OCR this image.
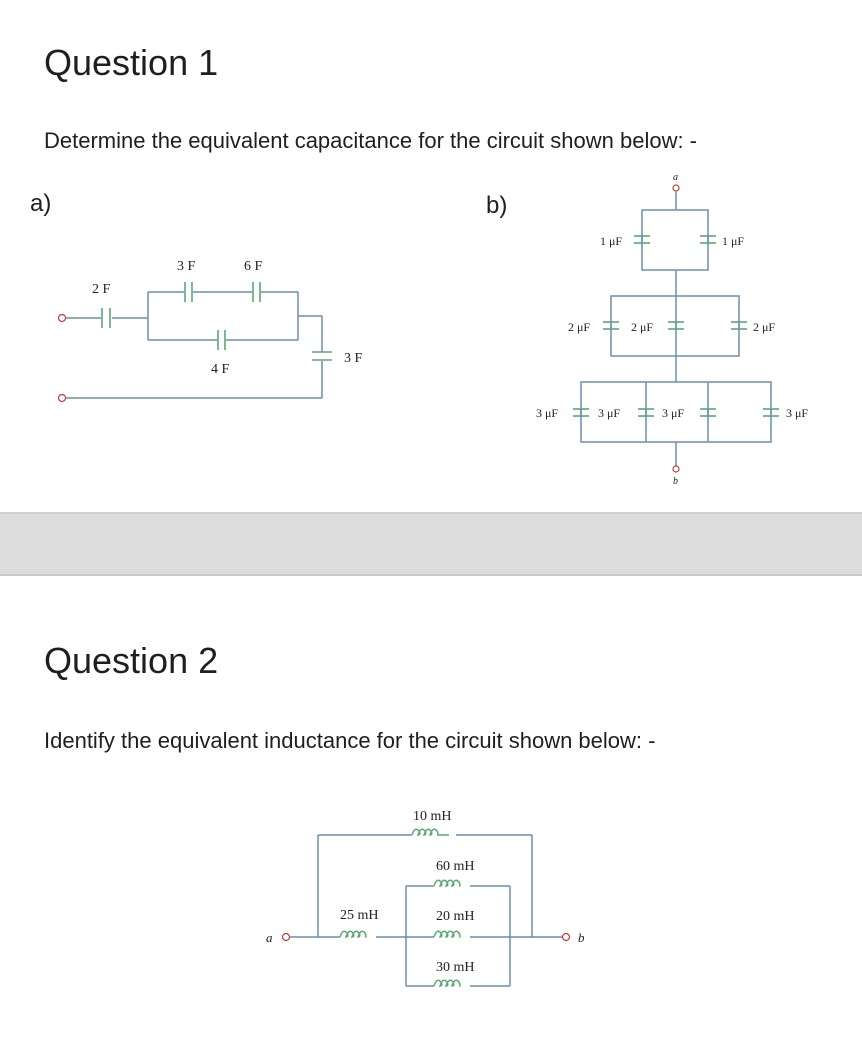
Question 1

Determine the equivalent capacitance for the circuit shown below: -

a)	b)
Question 2

Identify the equivalent inductance for the circuit shown below: -

2 F
3 F	6 F
4 F
3 F
a
1 μF	1 μF
2 μF	2 μF	2 μF
3 μF	3 μF	3 μF	3 μF
b
a	b
10 mH
25 mH
60 mH
20 mH
30 mH
